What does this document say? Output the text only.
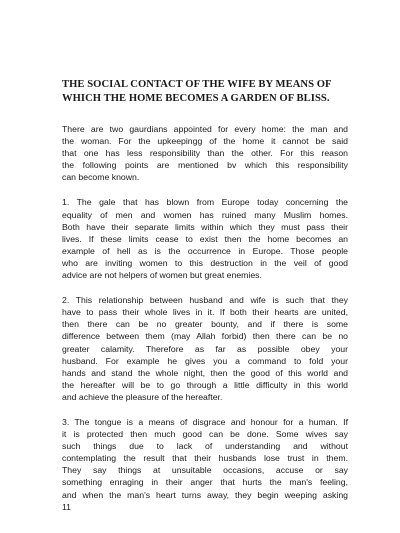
THE SOCIAL CONTACT OF THE WIFE BY MEANS OF
WHICH THE HOME BECOMES A GARDEN OF BLISS.

There are two gaurdians appointed for every home: the man and
the woman. For the upkeepingg of the home it cannot be said
that one has less responsibility than the other. For this reason
the following points are mentioned bv which this responsibility
can become known.

1. The gale that has blown from Europe today concerning the
equality of men and women has ruined many Muslim homes.
Both have their separate limits within which they must pass their
lives. If these limits cease to exist then the home becomes an
example of hell as is the occurrence in Europe. Those people
who are inviting women to this destruction in the veil of good
advice are not helpers of women but great enemies.

2. This relationship between husband and wife is such that they
have to pass their whole lives in it. If both their hearts are united,
then there can be no greater bounty, and if there is some
difference between them (may Allah forbid) then there can be no
greater calamity. Therefore as far as possible obey your
husband. For example he gives you a command to fold your
hands and stand the whole night, then the good of this world and
the hereafter will be to go through a little difficulty in this world
and achieve the pleasure of the hereafter.

3. The tongue is a means of disgrace and honour for a human. If
it is protected then much good can be done. Some wives say
such things due to lack of understanding and without
contemplating the result that their husbands lose trust in them.
They say things at unsuitable occasions, accuse or say
something enraging in their anger that hurts the man's feeling,
and when the man's heart turns away, they begin weeping asking

11
